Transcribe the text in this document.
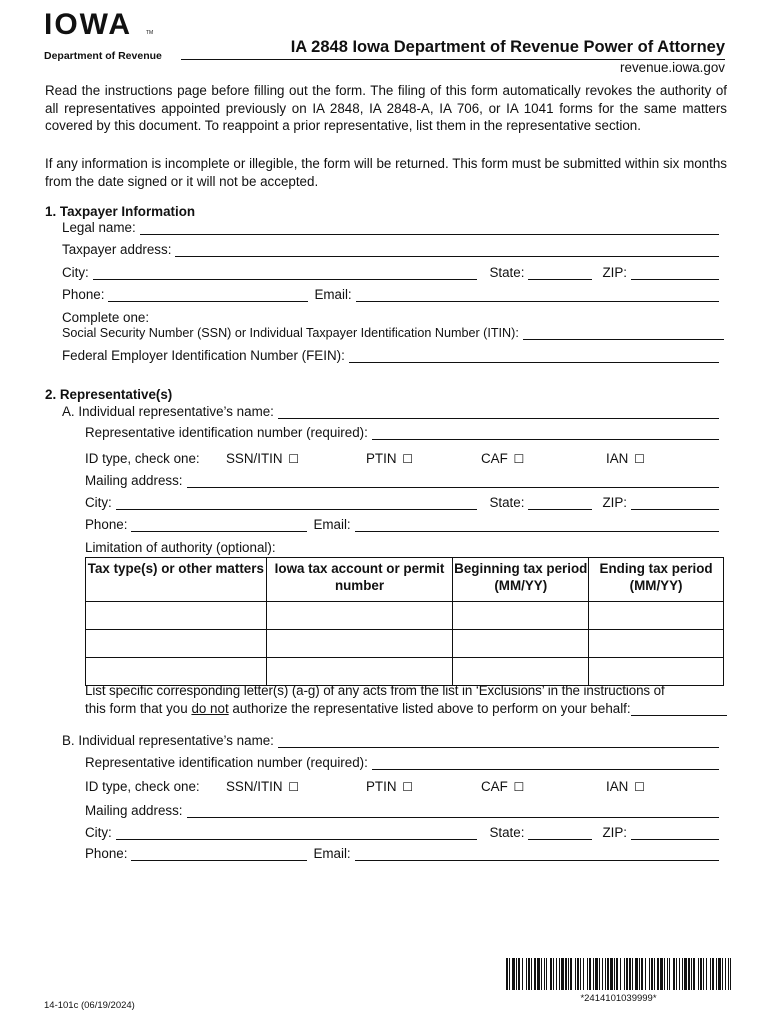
IOWA	TM
Department of Revenue	IA 2848 Iowa Department of Revenue Power of Attorney
revenue.iowa.gov
Read the instructions page before filling out the form. The filing of this form automatically revokes the authority of all representatives appointed previously on IA 2848, IA 2848-A, IA 706, or IA 1041 forms for the same matters covered by this document. To reappoint a prior representative, list them in the representative section.
If any information is incomplete or illegible, the form will be returned. This form must be submitted within six months from the date signed or it will not be accepted.
1. Taxpayer Information
Legal name:
Taxpayer address:
City:	State:	ZIP:
Phone:	Email:
Complete one:
Social Security Number (SSN) or Individual Taxpayer Identification Number (ITIN):
Federal Employer Identification Number (FEIN):
2. Representative(s)
A. Individual representative’s name:
Representative identification number (required):
ID type, check one: SSN/ITIN ☐	PTIN ☐	CAF ☐	IAN ☐
Mailing address:
City:	State:	ZIP:
Phone:	Email:
Limitation of authority (optional):
Tax type(s) or other matters	Iowa tax account or permit number	Beginning tax period (MM/YY)	Ending tax period (MM/YY)

List specific corresponding letter(s) (a-g) of any acts from the list in ‘Exclusions’ in the instructions of
this form that you do not authorize the representative listed above to perform on your behalf:
B. Individual representative’s name:
Representative identification number (required):
ID type, check one: SSN/ITIN ☐	PTIN ☐	CAF ☐	IAN ☐
Mailing address:
City:	State:	ZIP:
Phone:	Email:
14-101c (06/19/2024)
*2414101039999*
